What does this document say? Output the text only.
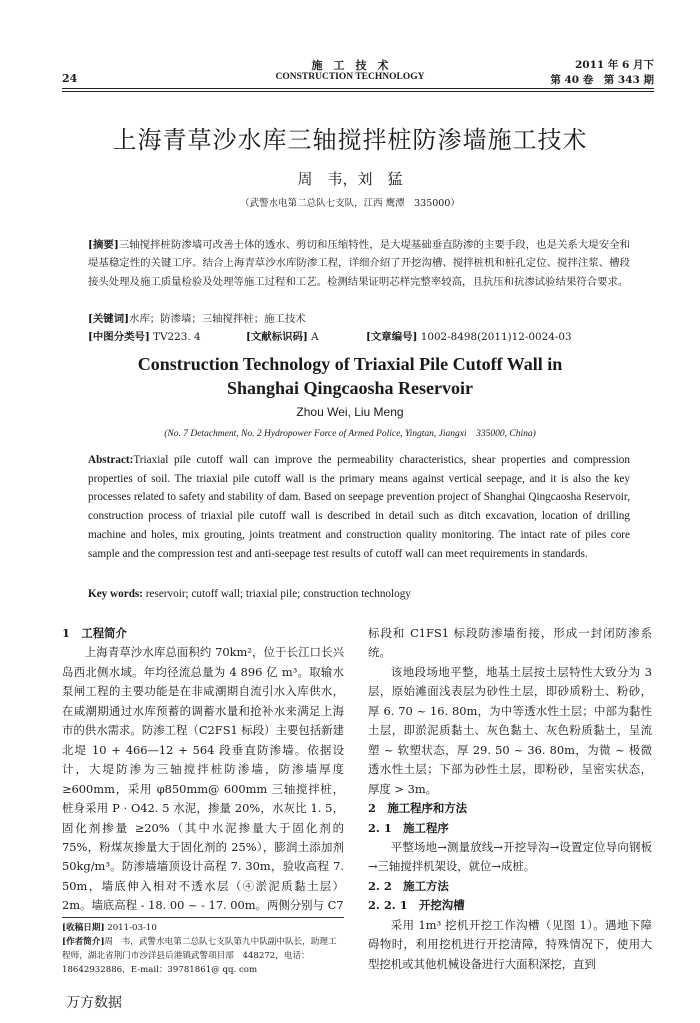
24
施　工　技　术
CONSTRUCTION TECHNOLOGY
2011 年 6 月下
第 40 卷　第 343 期
上海青草沙水库三轴搅拌桩防渗墙施工技术
周　韦，刘　猛
（武警水电第二总队七支队，江西 鹰潭　335000）
[摘要]三轴搅拌桩防渗墙可改善土体的透水、剪切和压缩特性，是大堤基础垂直防渗的主要手段，也是关系大堤安全和堤基稳定性的关键工序。结合上海青草沙水库防渗工程，详细介绍了开挖沟槽、搅拌桩机和桩孔定位、搅拌注浆、槽段接头处理及施工质量检验及处理等施工过程和工艺。检测结果证明芯样完整率较高，且抗压和抗渗试验结果符合要求。
[关键词]水库；防渗墙；三轴搅拌桩；施工技术
[中图分类号] TV223. 4	[文献标识码] A	[文章编号] 1002-8498(2011)12-0024-03
Construction Technology of Triaxial Pile Cutoff Wall in
Shanghai Qingcaosha Reservoir
Zhou Wei, Liu Meng
(No. 7 Detachment, No. 2 Hydropower Force of Armed Police, Yingtan, Jiangxi　335000, China)
Abstract:Triaxial pile cutoff wall can improve the permeability characteristics, shear properties and compression properties of soil. The triaxial pile cutoff wall is the primary means against vertical seepage, and it is also the key processes related to safety and stability of dam. Based on seepage prevention project of Shanghai Qingcaosha Reservoir, construction process of triaxial pile cutoff wall is described in detail such as ditch excavation, location of drilling machine and holes, mix grouting, joints treatment and construction quality monitoring. The intact rate of piles core sample and the compression test and anti-seepage test results of cutoff wall can meet requirements in standards.
Key words: reservoir; cutoff wall; triaxial pile; construction technology
1　工程简介

上海青草沙水库总面积约 70km²，位于长江口长兴岛西北侧水域。年均径流总量为 4 896 亿 m³。取输水泵闸工程的主要功能是在非咸潮期自流引水入库供水，在咸潮期通过水库预蓄的调蓄水量和抢补水来满足上海市的供水需求。防渗工程（C2FS1 标段）主要包括新建北堤 10 + 466—12 + 564 段垂直防渗墙。依据设计，大堤防渗为三轴搅拌桩防渗墙，防渗墙厚度 ≥600mm，采用 φ850mm@ 600mm 三轴搅拌桩，桩身采用 P · O42. 5 水泥，掺量 20%，水灰比 1. 5，固化剂掺量 ≥20%（其中水泥掺量大于固化剂的 75%，粉煤灰掺量大于固化剂的 25%），膨润土添加剂 50kg/m³。防渗墙墙顶设计高程 7. 30m，验收高程 7. 50m，墙底伸入相对不透水层（④淤泥质黏土层）2m。墙底高程 - 18. 00 ~ - 17. 00m。两侧分别与 C7

[收稿日期] 2011-03-10
[作者简介]周　韦，武警水电第二总队七支队第九中队副中队长，助理工程师，湖北省荆门市沙洋县后港镇武警项目部　448272，电话：18642932886，E-mail：39781861@ qq. com

标段和 C1FS1 标段防渗墙衔接，形成一封闭防渗系统。

该地段场地平整，地基土层按土层特性大致分为 3 层，原始滩面浅表层为砂性土层，即砂质粉土、粉砂，厚 6. 70 ~ 16. 80m，为中等透水性土层；中部为黏性土层，即淤泥质黏土、灰色黏土、灰色粉质黏土，呈流塑 ~ 软塑状态，厚 29. 50 ~ 36. 80m，为微 ~ 极微透水性土层；下部为砂性土层，即粉砂，呈密实状态，厚度 > 3m。

2　施工程序和方法
2. 1　施工程序

平整场地→测量放线→开挖导沟→设置定位导向钢板→三轴搅拌机架设，就位→成桩。

2. 2　施工方法
2. 2. 1　开挖沟槽

采用 1m³ 挖机开挖工作沟槽（见图 1）。遇地下障碍物时，利用挖机进行开挖清障，特殊情况下，使用大型挖机或其他机械设备进行大面积深挖，直到

万方数据
